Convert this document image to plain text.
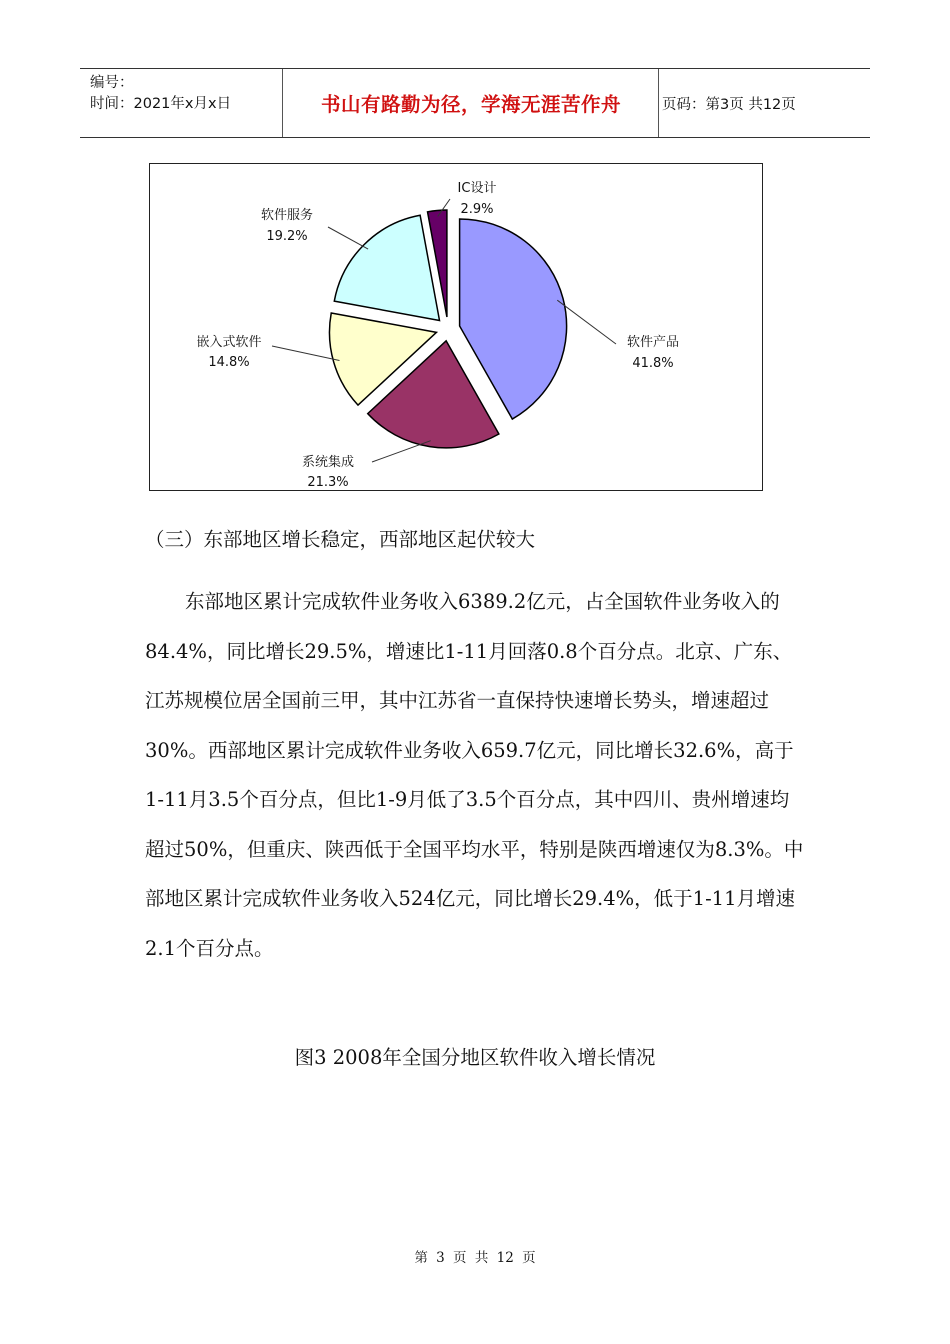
编号：
时间：2021年x月x日	书山有路勤为径，学海无涯苦作舟	页码：第3页 共12页
软件产品
41.8%
系统集成
21.3%
嵌入式软件
14.8%
软件服务
19.2%
IC设计
2.9%

（三）东部地区增长稳定，西部地区起伏较大

东部地区累计完成软件业务收入6389.2亿元，占全国软件业务收入的84.4%，同比增长29.5%，增速比1-11月回落0.8个百分点。北京、广东、江苏规模位居全国前三甲，其中江苏省一直保持快速增长势头，增速超过30%。西部地区累计完成软件业务收入659.7亿元，同比增长32.6%，高于1-11月3.5个百分点，但比1-9月低了3.5个百分点，其中四川、贵州增速均超过50%，但重庆、陕西低于全国平均水平，特别是陕西增速仅为8.3%。中部地区累计完成软件业务收入524亿元，同比增长29.4%，低于1-11月增速2.1个百分点。

图3 2008年全国分地区软件收入增长情况
第 3 页 共 12 页
